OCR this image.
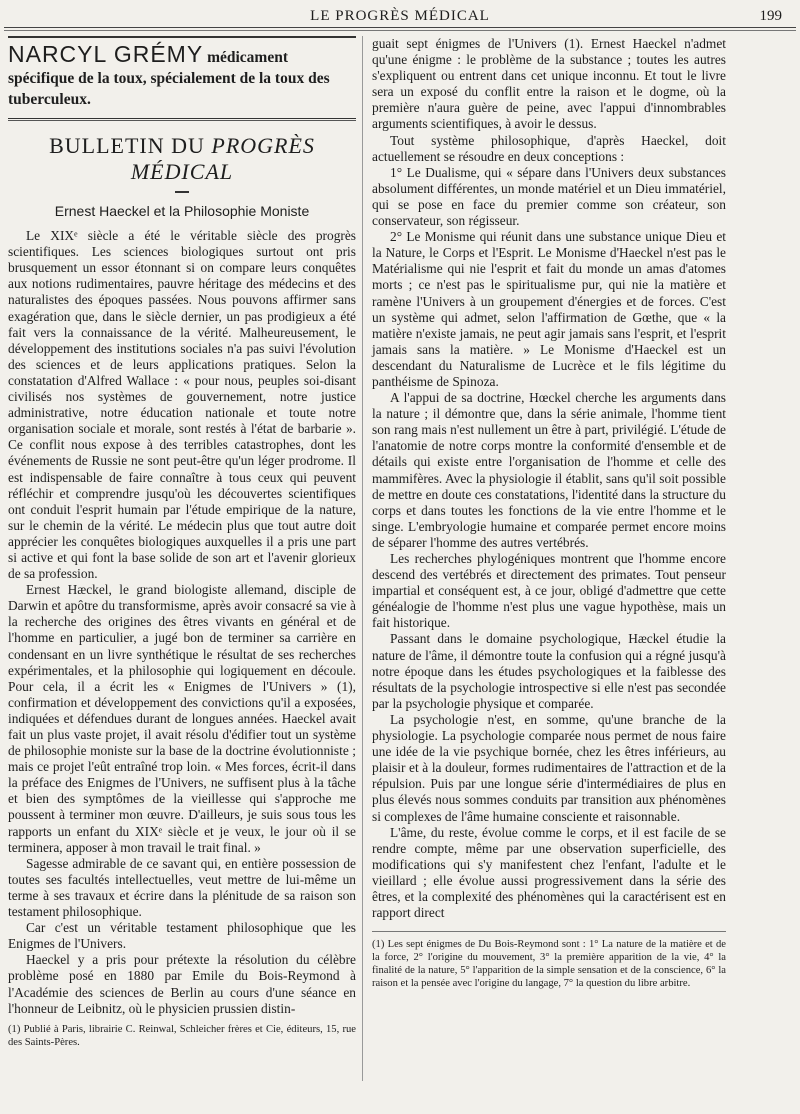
LE PROGRÈS MÉDICAL	199
NARCYL GRÉMY médicament spécifique de la toux, spécialement de la toux des tuberculeux.
BULLETIN DU PROGRÈS MÉDICAL
Ernest Haeckel et la Philosophie Moniste

Le XIXᵉ siècle a été le véritable siècle des progrès scientifiques. Les sciences biologiques surtout ont pris brusquement un essor étonnant si on compare leurs conquêtes aux notions rudimentaires, pauvre héritage des médecins et des naturalistes des époques passées. Nous pouvons affirmer sans exagération que, dans le siècle dernier, un pas prodigieux a été fait vers la connaissance de la vérité. Malheureusement, le développement des institutions sociales n'a pas suivi l'évolution des sciences et de leurs applications pratiques. Selon la constatation d'Alfred Wallace : « pour nous, peuples soi-disant civilisés nos systèmes de gouvernement, notre justice administrative, notre éducation nationale et toute notre organisation sociale et morale, sont restés à l'état de barbarie ». Ce conflit nous expose à des terribles catastrophes, dont les événements de Russie ne sont peut-être qu'un léger prodrome. Il est indispensable de faire connaître à tous ceux qui peuvent réfléchir et comprendre jusqu'où les découvertes scientifiques ont conduit l'esprit humain par l'étude empirique de la nature, sur le chemin de la vérité. Le médecin plus que tout autre doit apprécier les conquêtes biologiques auxquelles il a pris une part si active et qui font la base solide de son art et l'avenir glorieux de sa profession.

Ernest Hæckel, le grand biologiste allemand, disciple de Darwin et apôtre du transformisme, après avoir consacré sa vie à la recherche des origines des êtres vivants en général et de l'homme en particulier, a jugé bon de terminer sa carrière en condensant en un livre synthétique le résultat de ses recherches expérimentales, et la philosophie qui logiquement en découle. Pour cela, il a écrit les « Enigmes de l'Univers » (1), confirmation et développement des convictions qu'il a exposées, indiquées et défendues durant de longues années. Haeckel avait fait un plus vaste projet, il avait résolu d'édifier tout un système de philosophie moniste sur la base de la doctrine évolutionniste ; mais ce projet l'eût entraîné trop loin. « Mes forces, écrit-il dans la préface des Enigmes de l'Univers, ne suffisent plus à la tâche et bien des symptômes de la vieillesse qui s'approche me poussent à terminer mon œuvre. D'ailleurs, je suis sous tous les rapports un enfant du XIXᵉ siècle et je veux, le jour où il se terminera, apposer à mon travail le trait final. »

Sagesse admirable de ce savant qui, en entière possession de toutes ses facultés intellectuelles, veut mettre de lui-même un terme à ses travaux et écrire dans la plénitude de sa raison son testament philosophique.

Car c'est un véritable testament philosophique que les Enigmes de l'Univers.

Haeckel y a pris pour prétexte la résolution du célèbre problème posé en 1880 par Emile du Bois-Reymond à l'Académie des sciences de Berlin au cours d'une séance en l'honneur de Leibnitz, où le physicien prussien distin-

(1) Publié à Paris, librairie C. Reinwal, Schleicher frères et Cie, éditeurs, 15, rue des Saints-Pères.

guait sept énigmes de l'Univers (1). Ernest Haeckel n'admet qu'une énigme : le problème de la substance ; toutes les autres s'expliquent ou entrent dans cet unique inconnu. Et tout le livre sera un exposé du conflit entre la raison et le dogme, où la première n'aura guère de peine, avec l'appui d'innombrables arguments scientifiques, à avoir le dessus.

Tout système philosophique, d'après Haeckel, doit actuellement se résoudre en deux conceptions :

1° Le Dualisme, qui « sépare dans l'Univers deux substances absolument différentes, un monde matériel et un Dieu immatériel, qui se pose en face du premier comme son créateur, son conservateur, son régisseur.

2° Le Monisme qui réunit dans une substance unique Dieu et la Nature, le Corps et l'Esprit. Le Monisme d'Haeckel n'est pas le Matérialisme qui nie l'esprit et fait du monde un amas d'atomes morts ; ce n'est pas le spiritualisme pur, qui nie la matière et ramène l'Univers à un groupement d'énergies et de forces. C'est un système qui admet, selon l'affirmation de Gœthe, que « la matière n'existe jamais, ne peut agir jamais sans l'esprit, et l'esprit jamais sans la matière. » Le Monisme d'Haeckel est un descendant du Naturalisme de Lucrèce et le fils légitime du panthéisme de Spinoza.

A l'appui de sa doctrine, Hœckel cherche les arguments dans la nature ; il démontre que, dans la série animale, l'homme tient son rang mais n'est nullement un être à part, privilégié. L'étude de l'anatomie de notre corps montre la conformité d'ensemble et de détails qui existe entre l'organisation de l'homme et celle des mammifères. Avec la physiologie il établit, sans qu'il soit possible de mettre en doute ces constatations, l'identité dans la structure du corps et dans toutes les fonctions de la vie entre l'homme et le singe. L'embryologie humaine et comparée permet encore moins de séparer l'homme des autres vertébrés.

Les recherches phylogéniques montrent que l'homme encore descend des vertébrés et directement des primates. Tout penseur impartial et conséquent est, à ce jour, obligé d'admettre que cette généalogie de l'homme n'est plus une vague hypothèse, mais un fait historique.

Passant dans le domaine psychologique, Hæckel étudie la nature de l'âme, il démontre toute la confusion qui a régné jusqu'à notre époque dans les études psychologiques et la faiblesse des résultats de la psychologie introspective si elle n'est pas secondée par la psychologie physique et comparée.

La psychologie n'est, en somme, qu'une branche de la physiologie. La psychologie comparée nous permet de nous faire une idée de la vie psychique bornée, chez les êtres inférieurs, au plaisir et à la douleur, formes rudimentaires de l'attraction et de la répulsion. Puis par une longue série d'intermédiaires de plus en plus élevés nous sommes conduits par transition aux phénomènes si complexes de l'âme humaine consciente et raisonnable.

L'âme, du reste, évolue comme le corps, et il est facile de se rendre compte, même par une observation superficielle, des modifications qui s'y manifestent chez l'enfant, l'adulte et le vieillard ; elle évolue aussi progressivement dans la série des êtres, et la complexité des phénomènes qui la caractérisent est en rapport direct

(1) Les sept énigmes de Du Bois-Reymond sont : 1° La nature de la matière et de la force, 2° l'origine du mouvement, 3° la première apparition de la vie, 4° la finalité de la nature, 5° l'apparition de la simple sensation et de la conscience, 6° la raison et la pensée avec l'origine du langage, 7° la question du libre arbitre.
